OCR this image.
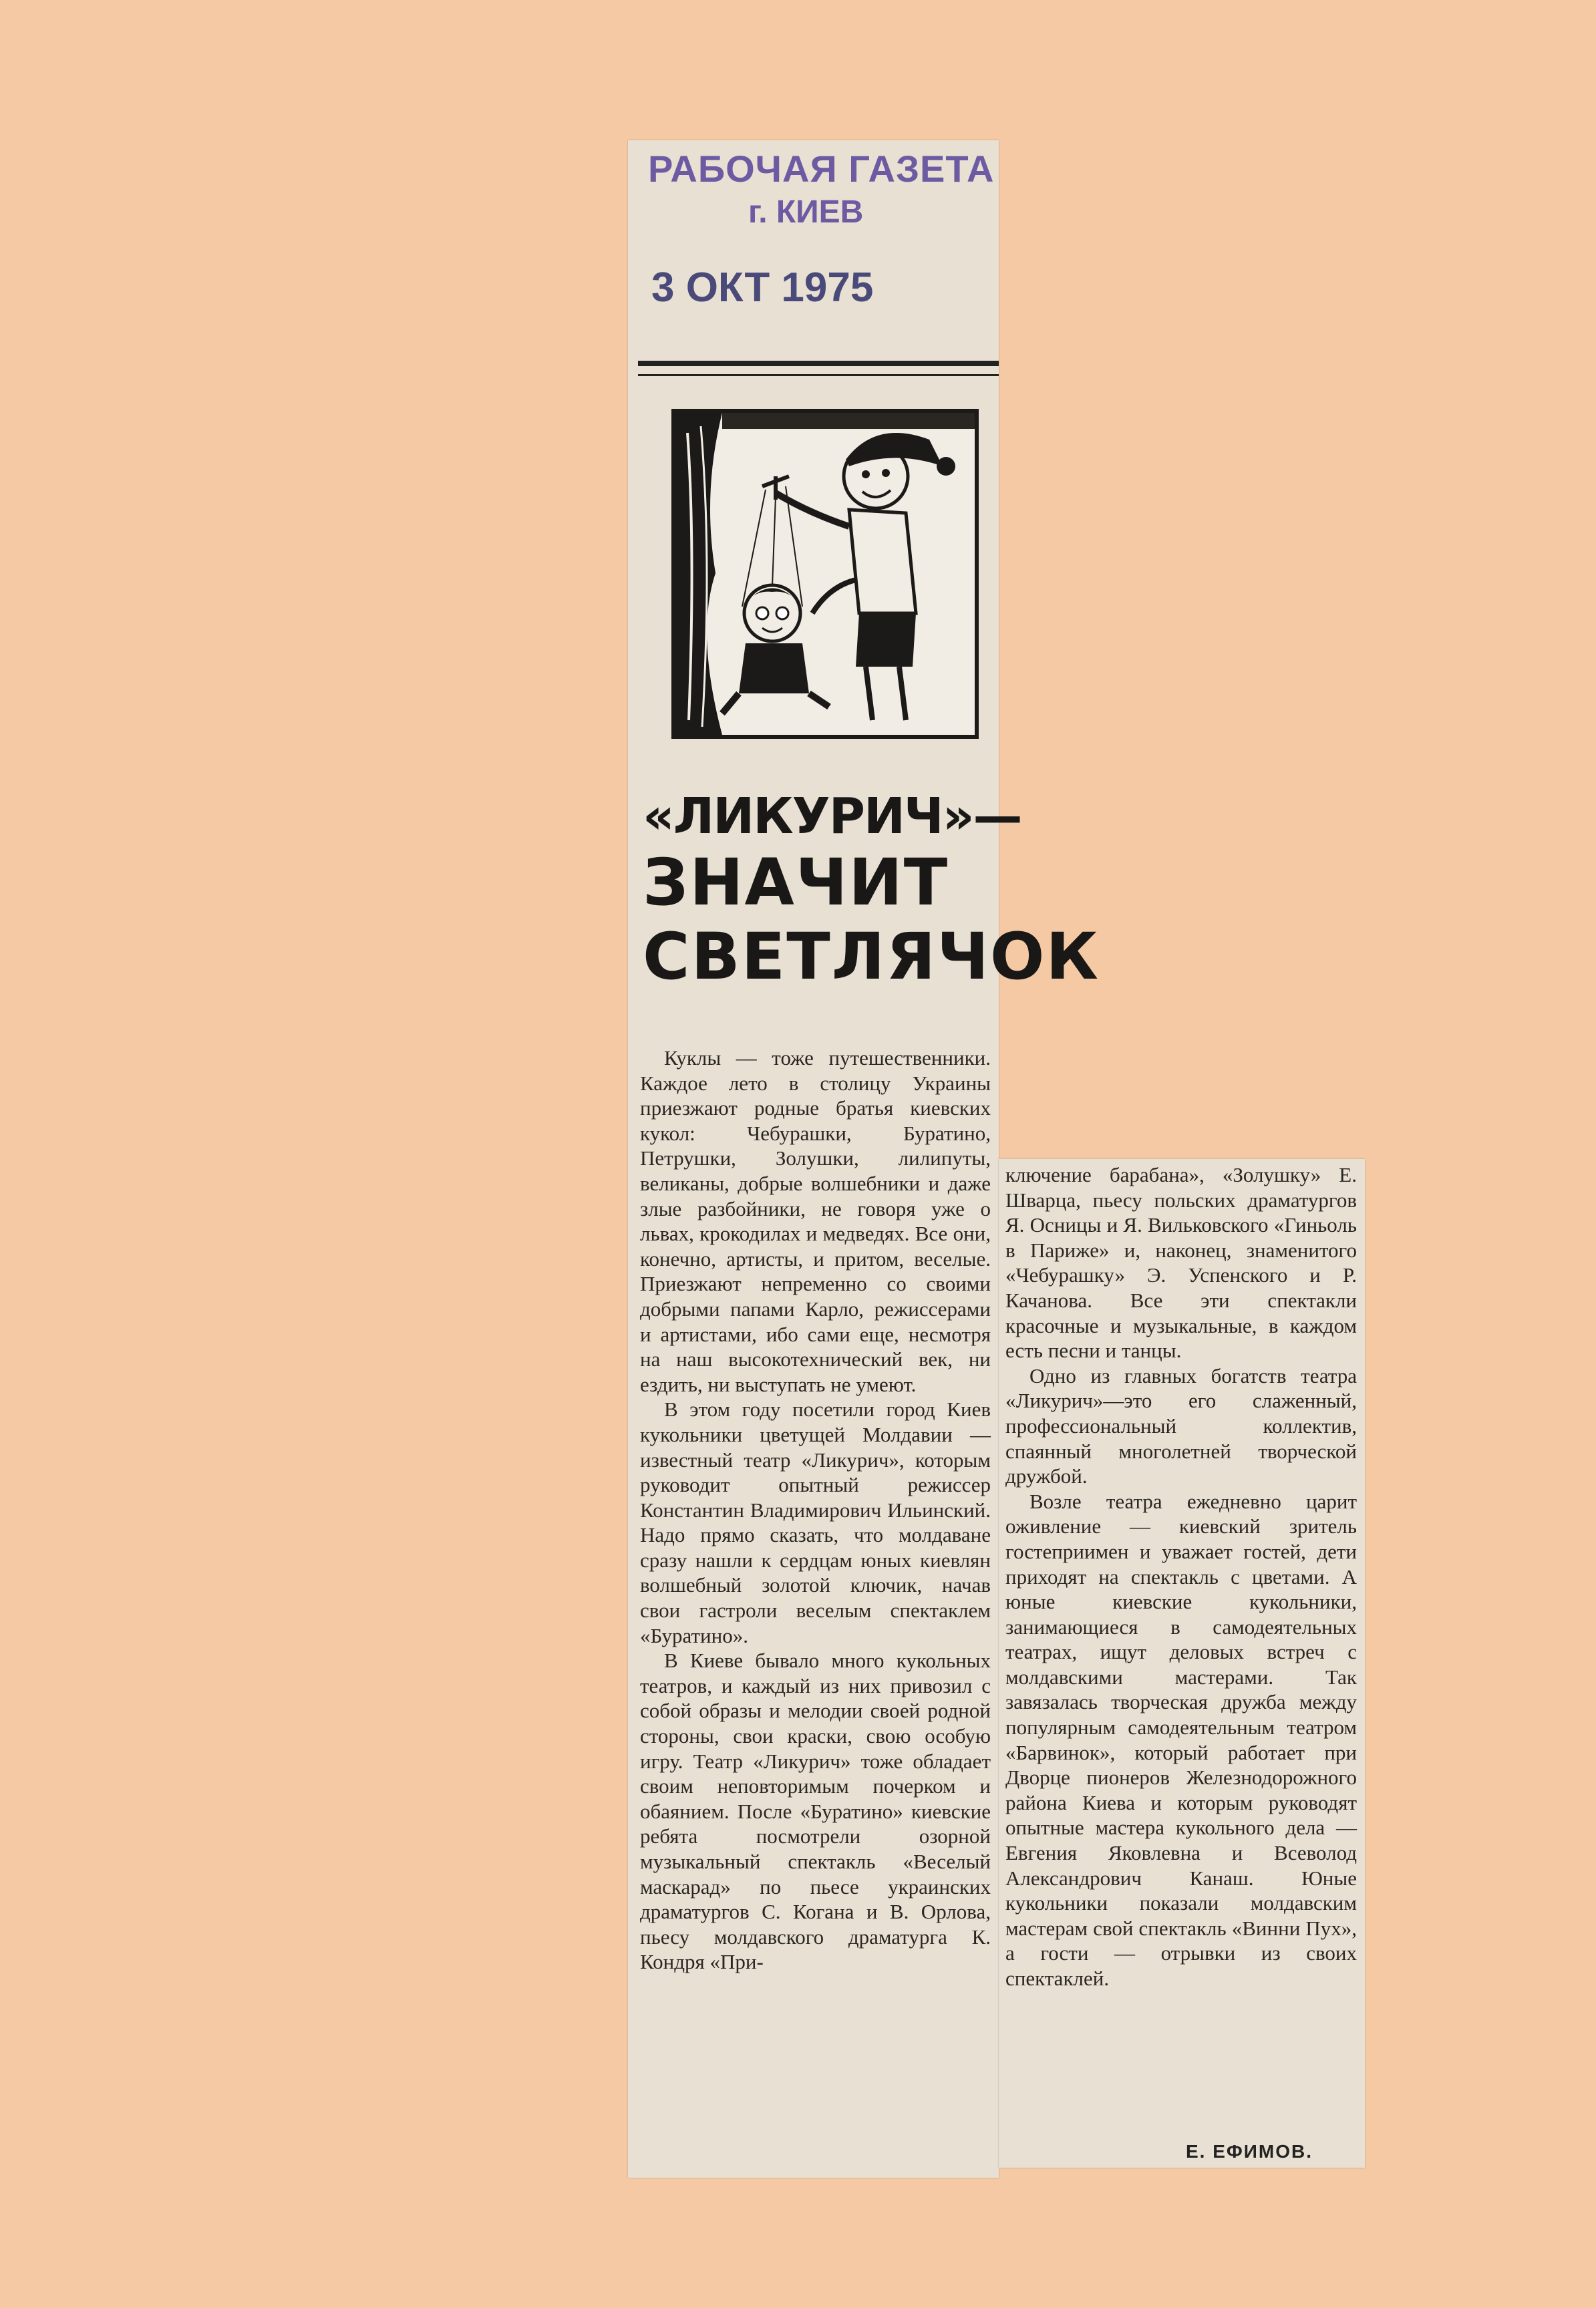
РАБОЧАЯ ГАЗЕТА
г. КИЕВ
3 ОКТ 1975
«ЛИКУРИЧ»—
ЗНАЧИТ
СВЕТЛЯЧОК

Куклы — тоже путешественники. Каждое лето в столицу Украины приезжают родные братья киевских кукол: Чебурашки, Буратино, Петрушки, Золушки, лилипуты, великаны, добрые волшебники и даже злые разбойники, не говоря уже о львах, крокодилах и медведях. Все они, конечно, артисты, и притом, веселые. Приезжают непременно со своими добрыми папами Карло, режиссерами и артистами, ибо сами еще, несмотря на наш высокотехнический век, ни ездить, ни выступать не умеют.

В этом году посетили город Киев кукольники цветущей Молдавии — известный театр «Ликурич», которым руководит опытный режиссер Константин Владимирович Ильинский. Надо прямо сказать, что молдаване сразу нашли к сердцам юных киевлян волшебный золотой ключик, начав свои гастроли веселым спектаклем «Буратино».

В Киеве бывало много кукольных театров, и каждый из них привозил с собой образы и мелодии своей родной стороны, свои краски, свою особую игру. Театр «Ликурич» тоже обладает своим неповторимым почерком и обаянием. После «Буратино» киевские ребята посмотрели озорной музыкальный спектакль «Веселый маскарад» по пьесе украинских драматургов С. Когана и В. Орлова, пьесу молдавского драматурга К. Кондря «При-

ключение барабана», «Золушку» Е. Шварца, пьесу польских драматургов Я. Осницы и Я. Вильковского «Гиньоль в Париже» и, наконец, знаменитого «Чебурашку» Э. Успенского и Р. Качанова. Все эти спектакли красочные и музыкальные, в каждом есть песни и танцы.

Одно из главных богатств театра «Ликурич»—это его слаженный, профессиональный коллектив, спаянный многолетней творческой дружбой.

Возле театра ежедневно царит оживление — киевский зритель гостеприимен и уважает гостей, дети приходят на спектакль с цветами. А юные киевские кукольники, занимающиеся в самодеятельных театрах, ищут деловых встреч с молдавскими мастерами. Так завязалась творческая дружба между популярным самодеятельным театром «Барвинок», который работает при Дворце пионеров Железнодорожного района Киева и которым руководят опытные мастера кукольного дела — Евгения Яковлевна и Всеволод Александрович Канаш. Юные кукольники показали молдавским мастерам свой спектакль «Винни Пух», а гости — отрывки из своих спектаклей.

Е. ЕФИМОВ.
